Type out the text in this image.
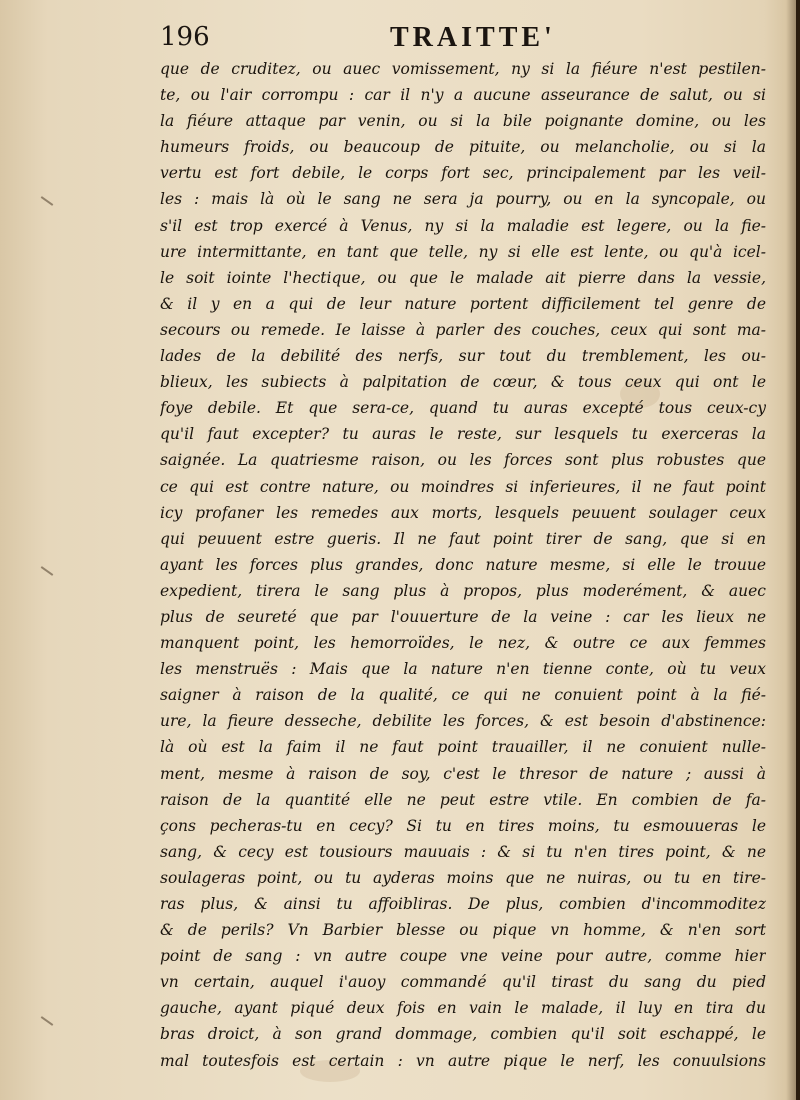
196	TRAITTE'
que de cruditez, ou auec vomissement, ny si la fiéure n'est pestilen-
te, ou l'air corrompu : car il n'y a aucune asseurance de salut, ou si
la fiéure attaque par venin, ou si la bile poignante domine, ou les
humeurs froids, ou beaucoup de pituite, ou melancholie, ou si la
vertu est fort debile, le corps fort sec, principalement par les veil-
les : mais là où le sang ne sera ja pourry, ou en la syncopale, ou
s'il est trop exercé à Venus, ny si la maladie est legere, ou la fie-
ure intermittante, en tant que telle, ny si elle est lente, ou qu'à icel-
le soit iointe l'hectique, ou que le malade ait pierre dans la vessie,
& il y en a qui de leur nature portent difficilement tel genre de
secours ou remede. Ie laisse à parler des couches, ceux qui sont ma-
lades de la debilité des nerfs, sur tout du tremblement, les ou-
blieux, les subiects à palpitation de cœur, & tous ceux qui ont le
foye debile. Et que sera-ce, quand tu auras excepté tous ceux-cy
qu'il faut excepter? tu auras le reste, sur lesquels tu exerceras la
saignée. La quatriesme raison, ou les forces sont plus robustes que
ce qui est contre nature, ou moindres si inferieures, il ne faut point
icy profaner les remedes aux morts, lesquels peuuent soulager ceux
qui peuuent estre gueris. Il ne faut point tirer de sang, que si en
ayant les forces plus grandes, donc nature mesme, si elle le trouue
expedient, tirera le sang plus à propos, plus moderément, & auec
plus de seureté que par l'ouuerture de la veine : car les lieux ne
manquent point, les hemorroïdes, le nez, & outre ce aux femmes
les menstruës : Mais que la nature n'en tienne conte, où tu veux
saigner à raison de la qualité, ce qui ne conuient point à la fié-
ure, la fieure desseche, debilite les forces, & est besoin d'abstinence:
là où est la faim il ne faut point trauailler, il ne conuient nulle-
ment, mesme à raison de soy, c'est le thresor de nature ; aussi à
raison de la quantité elle ne peut estre vtile. En combien de fa-
çons pecheras-tu en cecy? Si tu en tires moins, tu esmouueras le
sang, & cecy est tousiours mauuais : & si tu n'en tires point, & ne
soulageras point, ou tu ayderas moins que ne nuiras, ou tu en tire-
ras plus, & ainsi tu affoibliras. De plus, combien d'incommoditez
& de perils? Vn Barbier blesse ou pique vn homme, & n'en sort
point de sang : vn autre coupe vne veine pour autre, comme hier
vn certain, auquel i'auoy commandé qu'il tirast du sang du pied
gauche, ayant piqué deux fois en vain le malade, il luy en tira du
bras droict, à son grand dommage, combien qu'il soit eschappé, le
mal toutesfois est certain : vn autre pique le nerf, les conuulsions
